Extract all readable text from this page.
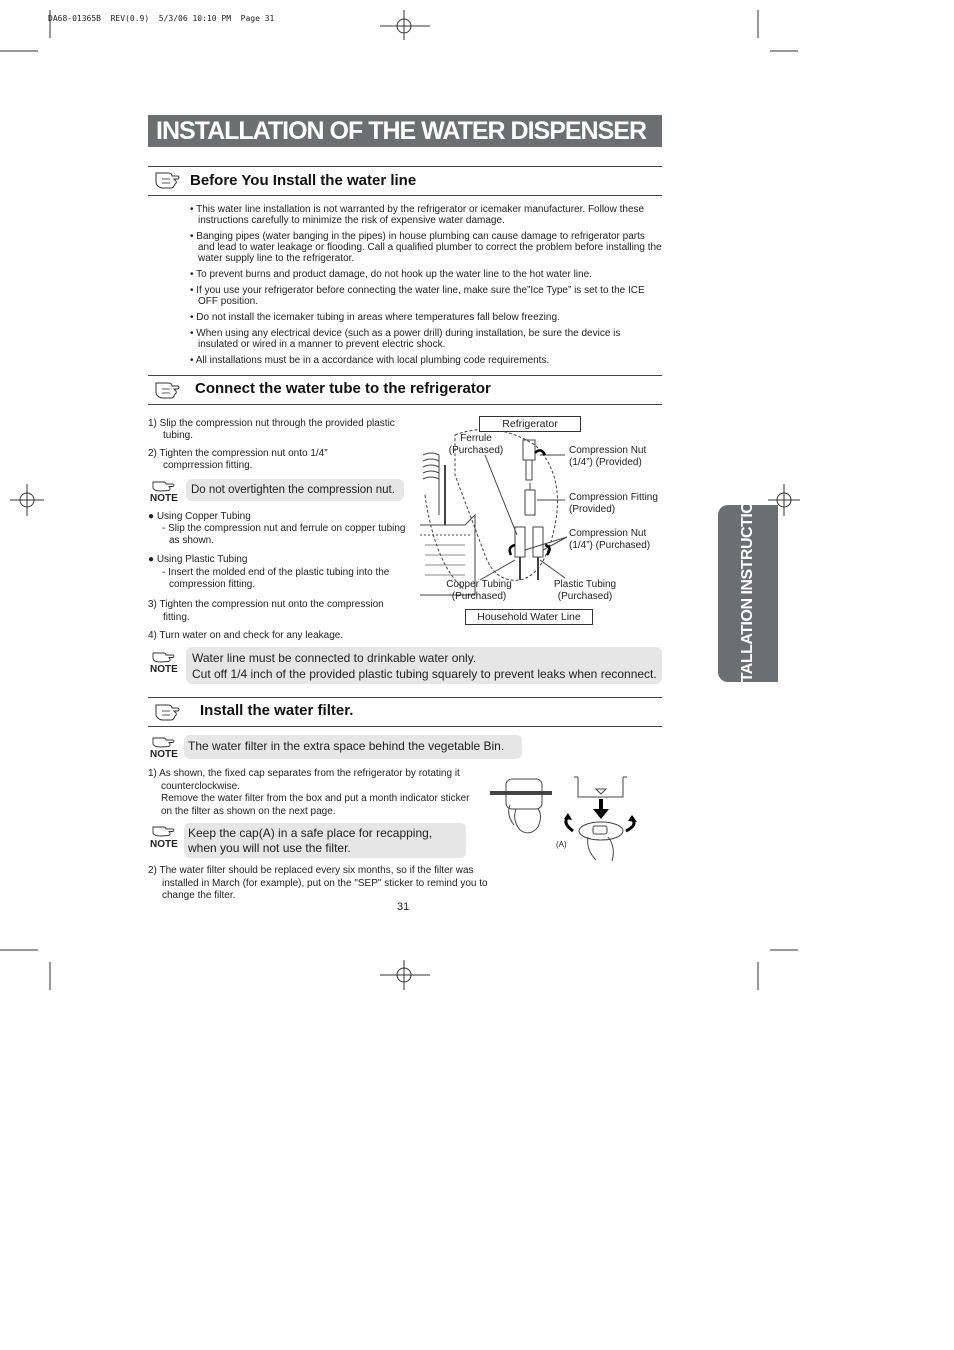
DA68-01365B  REV(0.9)  5/3/06 10:10 PM  Page 31
INSTALLATION OF THE WATER DISPENSER LINE
INSTALLATION INSTRUCTIONS
Before You Install the water line
• This water line installation is not warranted by the refrigerator or icemaker manufacturer. Follow these instructions carefully to minimize the risk of expensive water damage.
• Banging pipes (water banging in the pipes) in house plumbing can cause damage to refrigerator parts and lead to water leakage or flooding. Call a qualified plumber to correct the problem before installing the water supply line to the refrigerator.
• To prevent burns and product damage, do not hook up the water line to the hot water line.
• If you use your refrigerator before connecting the water line, make sure the”Ice Type” is set to the ICE OFF position.
• Do not install the icemaker tubing in areas where temperatures fall below freezing.
• When using any electrical device (such as a power drill) during installation, be sure the device is insulated or wired in a manner to prevent electric shock.
• All installations must be in a accordance with local plumbing code requirements.
Connect the water tube to the refrigerator
1) Slip the compression nut through the provided plastic tubing.
2) Tighten the compression nut onto 1/4” comprression fitting.
NOTE
Do not overtighten the compression nut.
● Using Copper Tubing
- Slip the compression nut and ferrule on copper tubing as shown.
● Using Plastic Tubing
- Insert the molded end of the plastic tubing into the compression fitting.
3) Tighten the compression nut onto the compression fitting.
4) Turn water on and check for any leakage.
Refrigerator
Ferrule
(Purchased)	Compression Nut
(1/4”) (Provided)
Compression Fitting
(Provided)
Compression Nut
(1/4”) (Purchased)
Copper Tubing
(Purchased)
Plastic Tubing
(Purchased)
Household Water Line
NOTE
Water line must be connected to drinkable water only.
Cut off 1/4 inch of the provided plastic tubing squarely to prevent leaks when reconnect.
Install the water filter.
NOTE
The water filter in the extra space behind the vegetable Bin.
1) As shown, the fixed cap separates from the refrigerator by rotating it counterclockwise.
Remove the water filter from the box and put a month indicator sticker on the filter as shown on the next page.
NOTE
Keep the cap(A) in a safe place for recapping,
when you will not use the filter.
2) The water filter should be replaced every six months, so if the filter was installed in March (for example), put on the "SEP" sticker to remind you to change the filter.
(A)
31
